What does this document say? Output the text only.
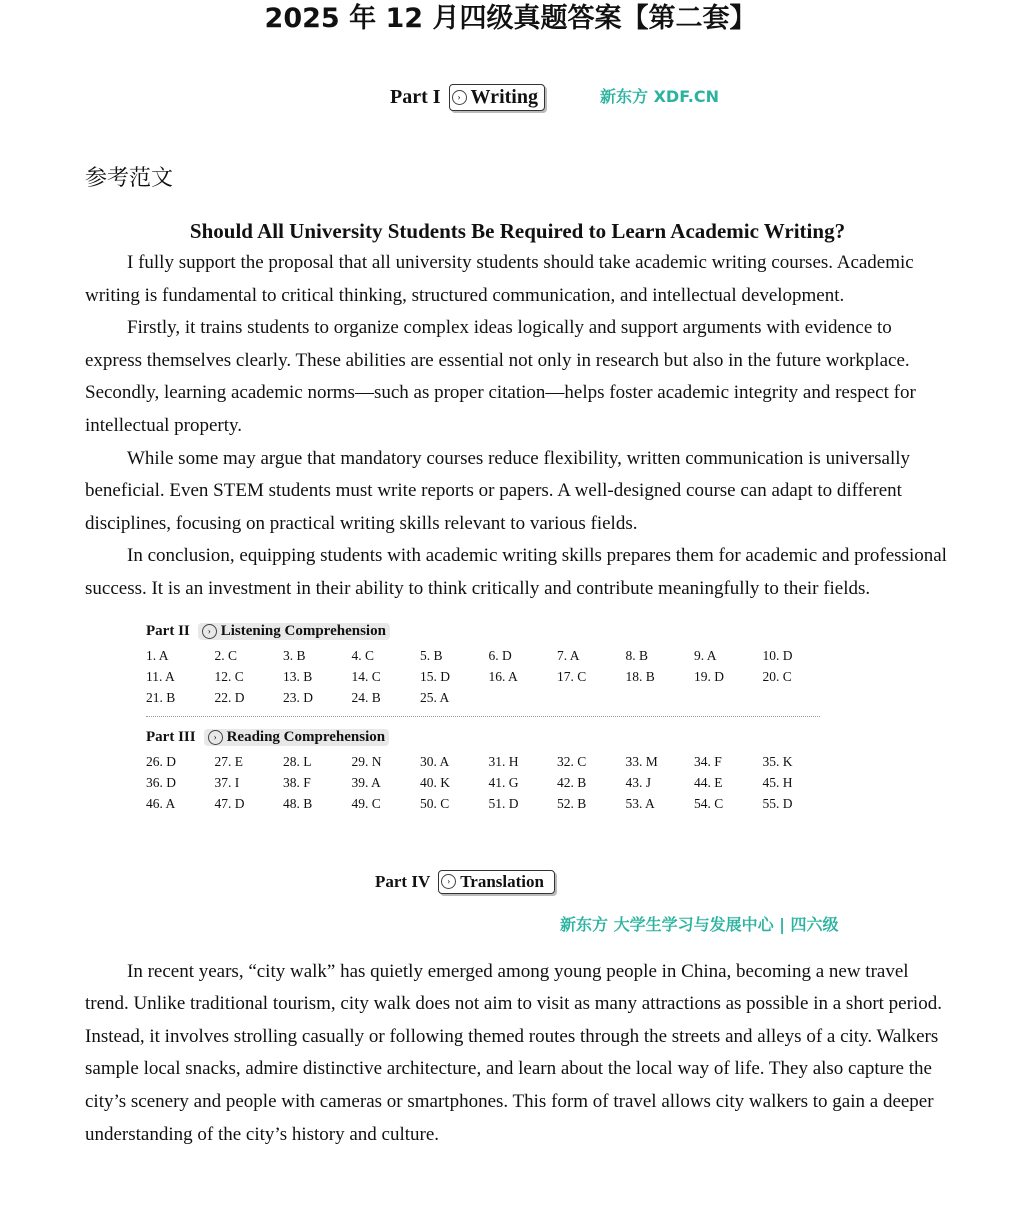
2025 年 12 月四级真题答案【第二套】
Part I	› Writing	新东方 XDF.CN
参考范文
Should All University Students Be Required to Learn Academic Writing?

I fully support the proposal that all university students should take academic writing courses. Academic writing is fundamental to critical thinking, structured communication, and intellectual development.

Firstly, it trains students to organize complex ideas logically and support arguments with evidence to express themselves clearly. These abilities are essential not only in research but also in the future workplace. Secondly, learning academic norms—such as proper citation—helps foster academic integrity and respect for intellectual property.

While some may argue that mandatory courses reduce flexibility, written communication is universally beneficial. Even STEM students must write reports or papers. A well-designed course can adapt to different disciplines, focusing on practical writing skills relevant to various fields.

In conclusion, equipping students with academic writing skills prepares them for academic and professional success. It is an investment in their ability to think critically and contribute meaningfully to their fields.

Part II	› Listening Comprehension
1. A	2. C	3. B	4. C	5. B	6. D	7. A	8. B	9. A	10. D
11. A	12. C	13. B	14. C	15. D	16. A	17. C	18. B	19. D	20. C
21. B	22. D	23. D	24. B	25. A
Part III	› Reading Comprehension
26. D	27. E	28. L	29. N	30. A	31. H	32. C	33. M	34. F	35. K
36. D	37. I	38. F	39. A	40. K	41. G	42. B	43. J	44. E	45. H
46. A	47. D	48. B	49. C	50. C	51. D	52. B	53. A	54. C	55. D
Part IV	› Translation
新东方 大学生学习与发展中心 | 四六级

In recent years, “city walk” has quietly emerged among young people in China, becoming a new travel trend. Unlike traditional tourism, city walk does not aim to visit as many attractions as possible in a short period. Instead, it involves strolling casually or following themed routes through the streets and alleys of a city. Walkers sample local snacks, admire distinctive architecture, and learn about the local way of life. They also capture the city’s scenery and people with cameras or smartphones. This form of travel allows city walkers to gain a deeper understanding of the city’s history and culture.
